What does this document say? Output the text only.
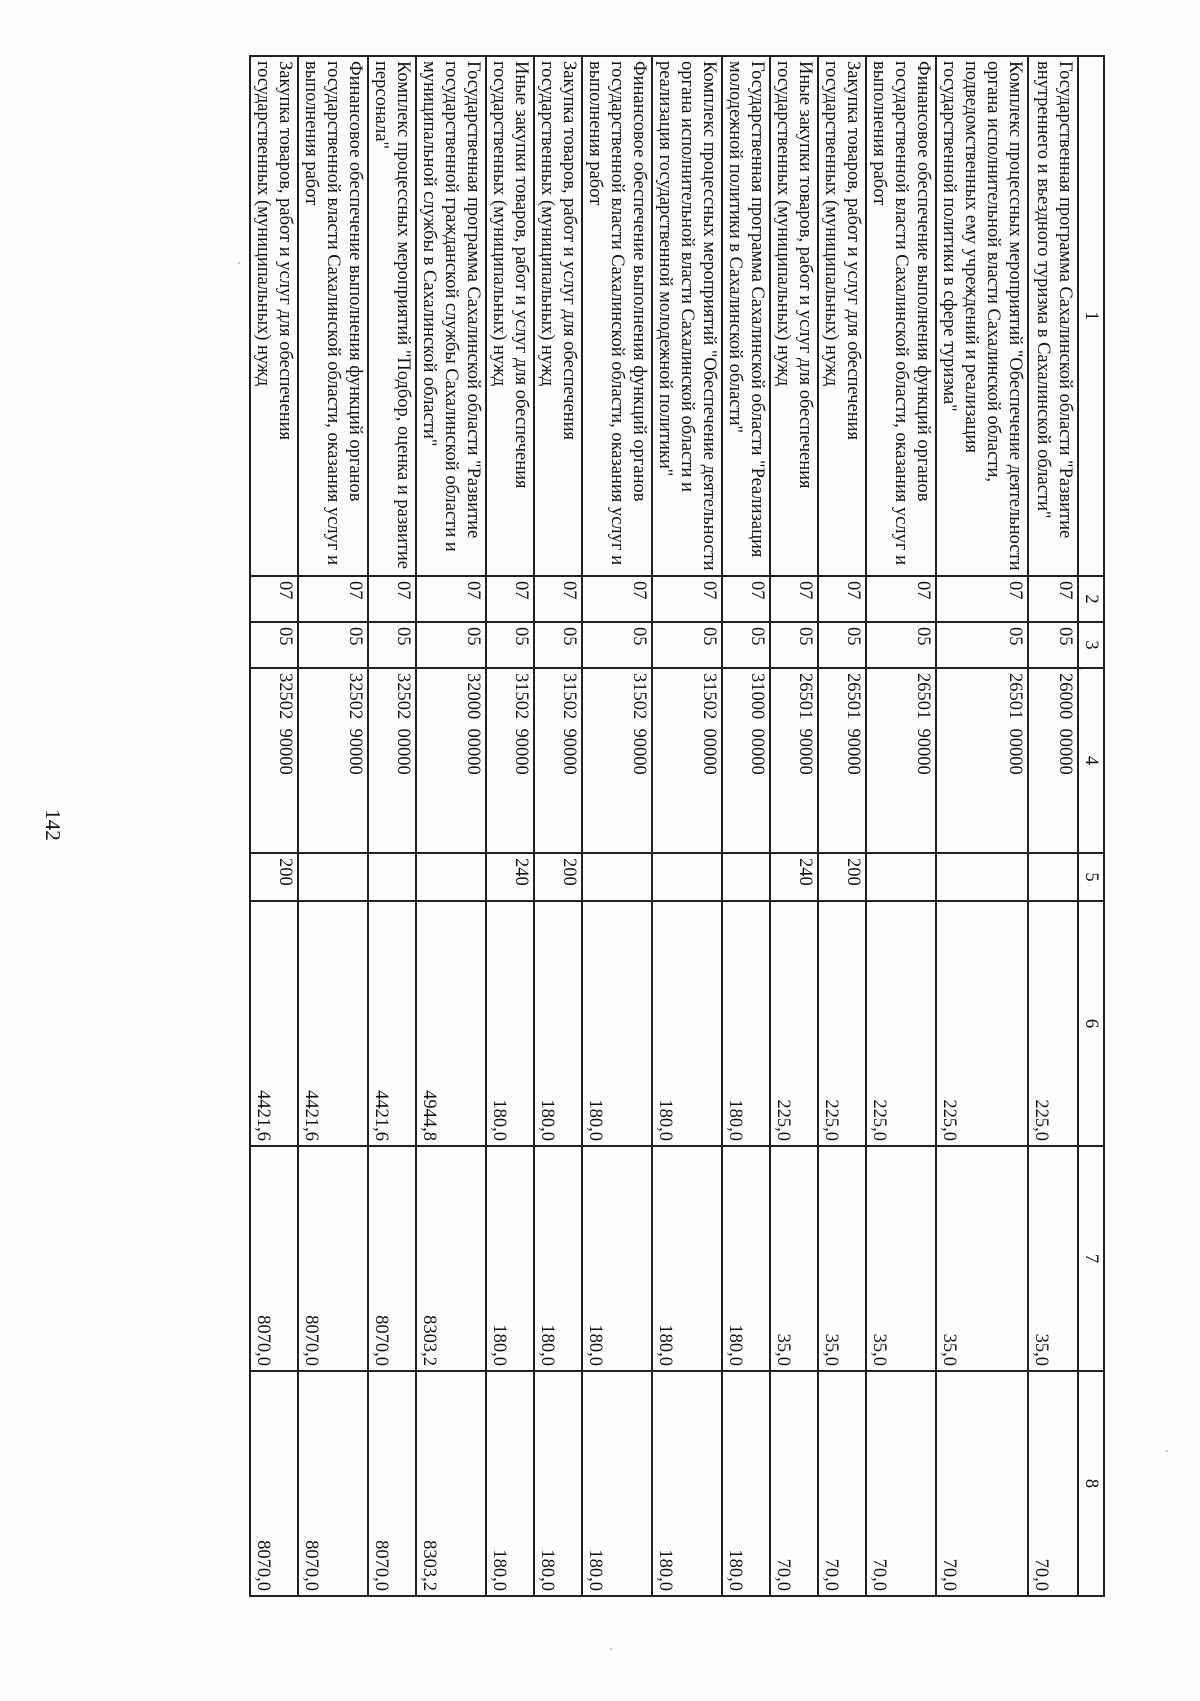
1	2	3	4	5	6	7	8
Государственная программа Сахалинской области "Развитие внутреннего и въездного туризма в Сахалинской области"	07	05	26000  00000		225,0	35,0	70,0
Комплекс процессных мероприятий "Обеспечение деятельности органа исполнительной власти Сахалинской области, подведомственных ему учреждений и реализация государственной политики в сфере туризма"	07	05	26501  00000		225,0	35,0	70,0
Финансовое обеспечение выполнения функций органов государственной власти Сахалинской области, оказания услуг и выполнения работ	07	05	26501  90000		225,0	35,0	70,0
Закупка товаров, работ и услуг для обеспечения государственных (муниципальных) нужд	07	05	26501  90000	200	225,0	35,0	70,0
Иные закупки товаров, работ и услуг для обеспечения государственных (муниципальных) нужд	07	05	26501  90000	240	225,0	35,0	70,0
Государственная программа Сахалинской области "Реализация молодежной политики в Сахалинской области"	07	05	31000  00000		180,0	180,0	180,0
Комплекс процессных мероприятий "Обеспечение деятельности органа исполнительной власти Сахалинской области и реализация государственной молодежной политики"	07	05	31502  00000		180,0	180,0	180,0
Финансовое обеспечение выполнения функций органов государственной власти Сахалинской области, оказания услуг и выполнения работ	07	05	31502  90000		180,0	180,0	180,0
Закупка товаров, работ и услуг для обеспечения государственных (муниципальных) нужд	07	05	31502  90000	200	180,0	180,0	180,0
Иные закупки товаров, работ и услуг для обеспечения государственных (муниципальных) нужд	07	05	31502  90000	240	180,0	180,0	180,0
Государственная программа Сахалинской области "Развитие государственной гражданской службы Сахалинской области и муниципальной службы в Сахалинской области"	07	05	32000  00000		4944,8	8303,2	8303,2
Комплекс процессных мероприятий "Подбор, оценка и развитие персонала"	07	05	32502  00000		4421,6	8070,0	8070,0
Финансовое обеспечение выполнения функций органов государственной власти Сахалинской области, оказания услуг и выполнения работ	07	05	32502  90000		4421,6	8070,0	8070,0
Закупка товаров, работ и услуг для обеспечения государственных (муниципальных) нужд	07	05	32502  90000	200	4421,6	8070,0	8070,0
142
